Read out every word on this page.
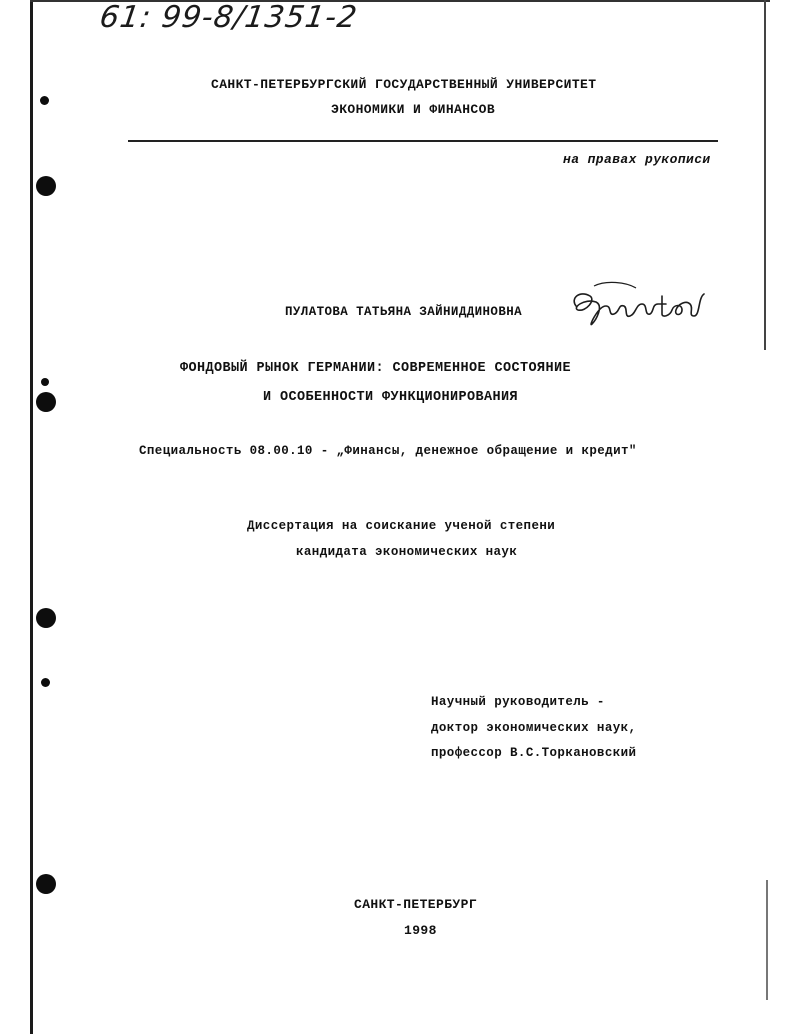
61: 99-8/1351-2
САНКТ-ПЕТЕРБУРГСКИЙ ГОСУДАРСТВЕННЫЙ УНИВЕРСИТЕТ
ЭКОНОМИКИ И ФИНАНСОВ
на правах рукописи
ПУЛАТОВА ТАТЬЯНА ЗАЙНИДДИНОВНА
Пулатова
ФОНДОВЫЙ РЫНОК ГЕРМАНИИ: СОВРЕМЕННОЕ СОСТОЯНИЕ
И ОСОБЕННОСТИ ФУНКЦИОНИРОВАНИЯ
Специальность 08.00.10 - „Финансы, денежное обращение и кредит"
Диссертация на соискание ученой степени
кандидата экономических наук
Научный руководитель -
доктор экономических наук,
профессор В.С.Торкановский
САНКТ-ПЕТЕРБУРГ
1998
